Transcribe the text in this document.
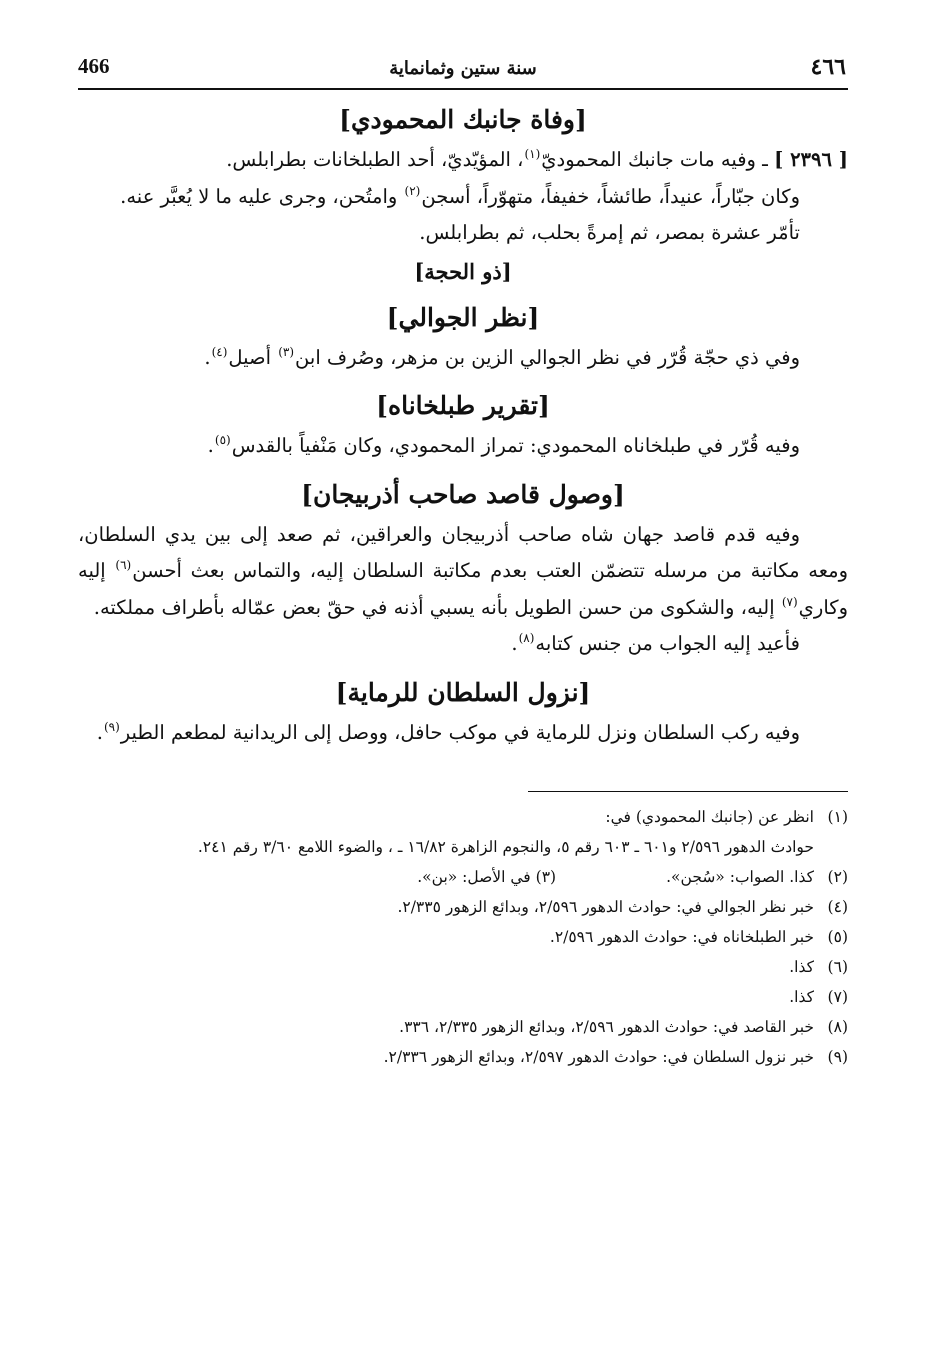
٤٦٦
سنة ستين وثمانماية
466
[وفاة جانبك المحمودي]

[ ٢٣٩٦ ] ـ وفيه مات جانبك المحموديّ$^{(١)}$، المؤيّديّ، أحد الطبلخانات بطرابلس.

وكان جبّاراً، عنيداً، طائشاً، خفيفاً، متهوّراً، أسجن$^{(٢)}$ وامتُحن، وجرى عليه ما لا يُعبَّر عنه.

تأمّر عشرة بمصر، ثم إمرةً بحلب، ثم بطرابلس.

[ذو الحجة]
[نظر الجوالي]

وفي ذي حجّة قُرّر في نظر الجوالي الزين بن مزهر، وصُرف ابن$^{(٣)}$ أصيل$^{(٤)}$.

[تقرير طبلخاناه]

وفيه قُرّر في طبلخاناه المحمودي: تمراز المحمودي، وكان مَنْفياً بالقدس$^{(٥)}$.

[وصول قاصد صاحب أذربيجان]

وفيه قدم قاصد جهان شاه صاحب أذربيجان والعراقين، ثم صعد إلى بين يدي السلطان، ومعه مكاتبة من مرسله تتضمّن العتب بعدم مكاتبة السلطان إليه، والتماس بعث أحسن$^{(٦)}$ إليه وكاري$^{(٧)}$ إليه، والشكوى من حسن الطويل بأنه يسبي أذنه في حقّ بعض عمّاله بأطراف مملكته.

فأعيد إليه الجواب من جنس كتابه$^{(٨)}$.

[نزول السلطان للرماية]

وفيه ركب السلطان ونزل للرماية في موكب حافل، ووصل إلى الريدانية لمطعم الطير$^{(٩)}$.

(١)
انظر عن (جانبك المحمودي) في:
حوادث الدهور ٢/٥٩٦ و٦٠١ ـ ٦٠٣ رقم ٥، والنجوم الزاهرة ١٦/٨٢ ـ ، والضوء اللامع ٣/٦٠ رقم ٢٤١.
(٢)
كذا. الصواب: «سُجن».(٣) في الأصل: «بن».
(٤)
خبر نظر الجوالي في: حوادث الدهور ٢/٥٩٦، وبدائع الزهور ٢/٣٣٥.
(٥)
خبر الطبلخاناه في: حوادث الدهور ٢/٥٩٦.
(٦)
كذا.
(٧)
كذا.
(٨)
خبر القاصد في: حوادث الدهور ٢/٥٩٦، وبدائع الزهور ٢/٣٣٥، ٣٣٦.
(٩)
خبر نزول السلطان في: حوادث الدهور ٢/٥٩٧، وبدائع الزهور ٢/٣٣٦.
